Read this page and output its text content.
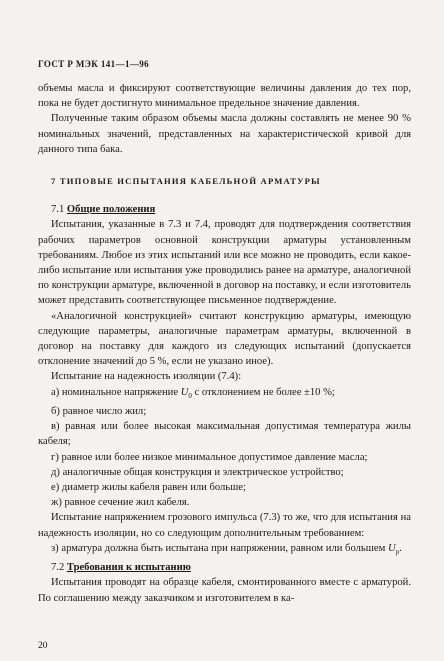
ГОСТ Р МЭК 141—1—96

объемы масла и фиксируют соответствующие величины давления до тех пор, пока не будет достигнуто минимальное предельное значение давления.

Полученные таким образом объемы масла должны составлять не менее 90 % номинальных значений, представленных на характеристической кривой для данного типа бака.

7 ТИПОВЫЕ ИСПЫТАНИЯ КАБЕЛЬНОЙ АРМАТУРЫ

7.1 Общие положения

Испытания, указанные в 7.3 и 7.4, проводят для подтверждения соответствия рабочих параметров основной конструкции арматуры установленным требованиям. Любое из этих испытаний или все можно не проводить, если какое-либо испытание или испытания уже проводились ранее на арматуре, аналогичной по конструкции арматуре, включенной в договор на поставку, и если изготовитель может представить соответствующее письменное подтверждение.

«Аналогичной конструкцией» считают конструкцию арматуры, имеющую следующие параметры, аналогичные параметрам арматуры, включенной в договор на поставку для каждого из следующих испытаний (допускается отклонение значений до 5 %, если не указано иное).

Испытание на надежность изоляции (7.4):

а) номинальное напряжение $U_0$ с отклонением не более ±10 %;

б) равное число жил;

в) равная или более высокая максимальная допустимая температура жилы кабеля;

г) равное или более низкое минимальное допустимое давление масла;

д) аналогичные общая конструкция и электрическое устройство;

е) диаметр жилы кабеля равен или больше;

ж) равное сечение жил кабеля.

Испытание напряжением грозового импульса (7.3) то же, что для испытания на надежность изоляции, но со следующим дополнительным требованием:

з) арматура должна быть испытана при напряжении, равном или большем $U_р$.

7.2 Требования к испытанию

Испытания проводят на образце кабеля, смонтированного вместе с арматурой. По соглашению между заказчиком и изготовителем в ка-

20
